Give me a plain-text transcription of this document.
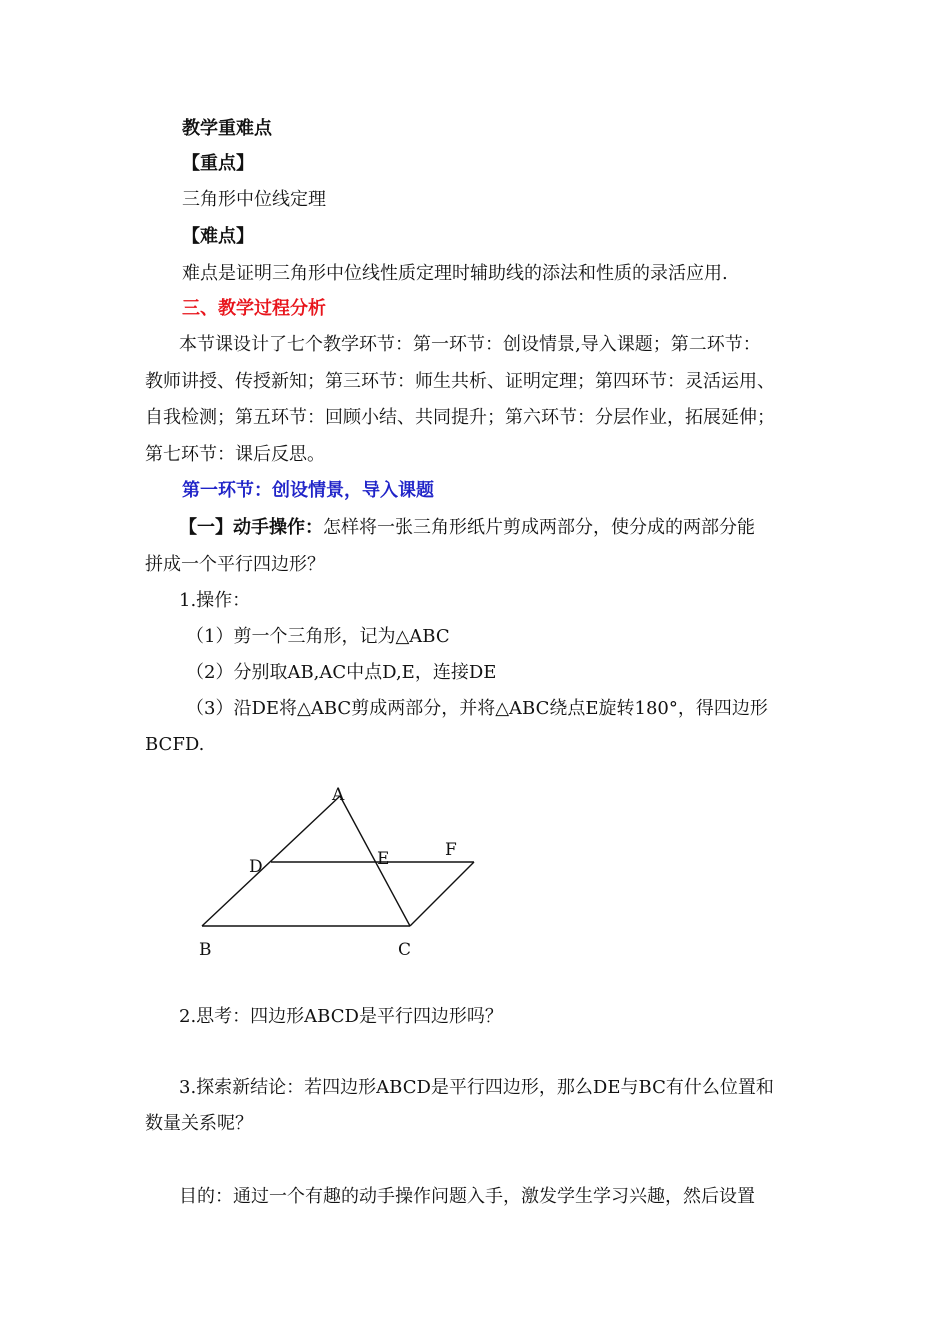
教学重难点
【重点】
三角形中位线定理
【难点】
难点是证明三角形中位线性质定理时辅助线的添法和性质的录活应用.
三、教学过程分析
本节课设计了七个教学环节：第一环节：创设情景,导入课题；第二环节：
教师讲授、传授新知；第三环节：师生共析、证明定理；第四环节：灵活运用、
自我检测；第五环节：回顾小结、共同提升；第六环节：分层作业，拓展延伸；
第七环节：课后反思。
第一环节：创设情景，导入课题
【一】动手操作：怎样将一张三角形纸片剪成两部分，使分成的两部分能
拼成一个平行四边形？
1.操作：
（1）剪一个三角形，记为△ABC
（2）分别取AB,AC中点D,E，连接DE
（3）沿DE将△ABC剪成两部分，并将△ABC绕点E旋转180°，得四边形
BCFD.
A
B	C
D	E	F
2.思考：四边形ABCD是平行四边形吗？
3.探索新结论：若四边形ABCD是平行四边形，那么DE与BC有什么位置和
数量关系呢？
目的：通过一个有趣的动手操作问题入手，激发学生学习兴趣，然后设置
